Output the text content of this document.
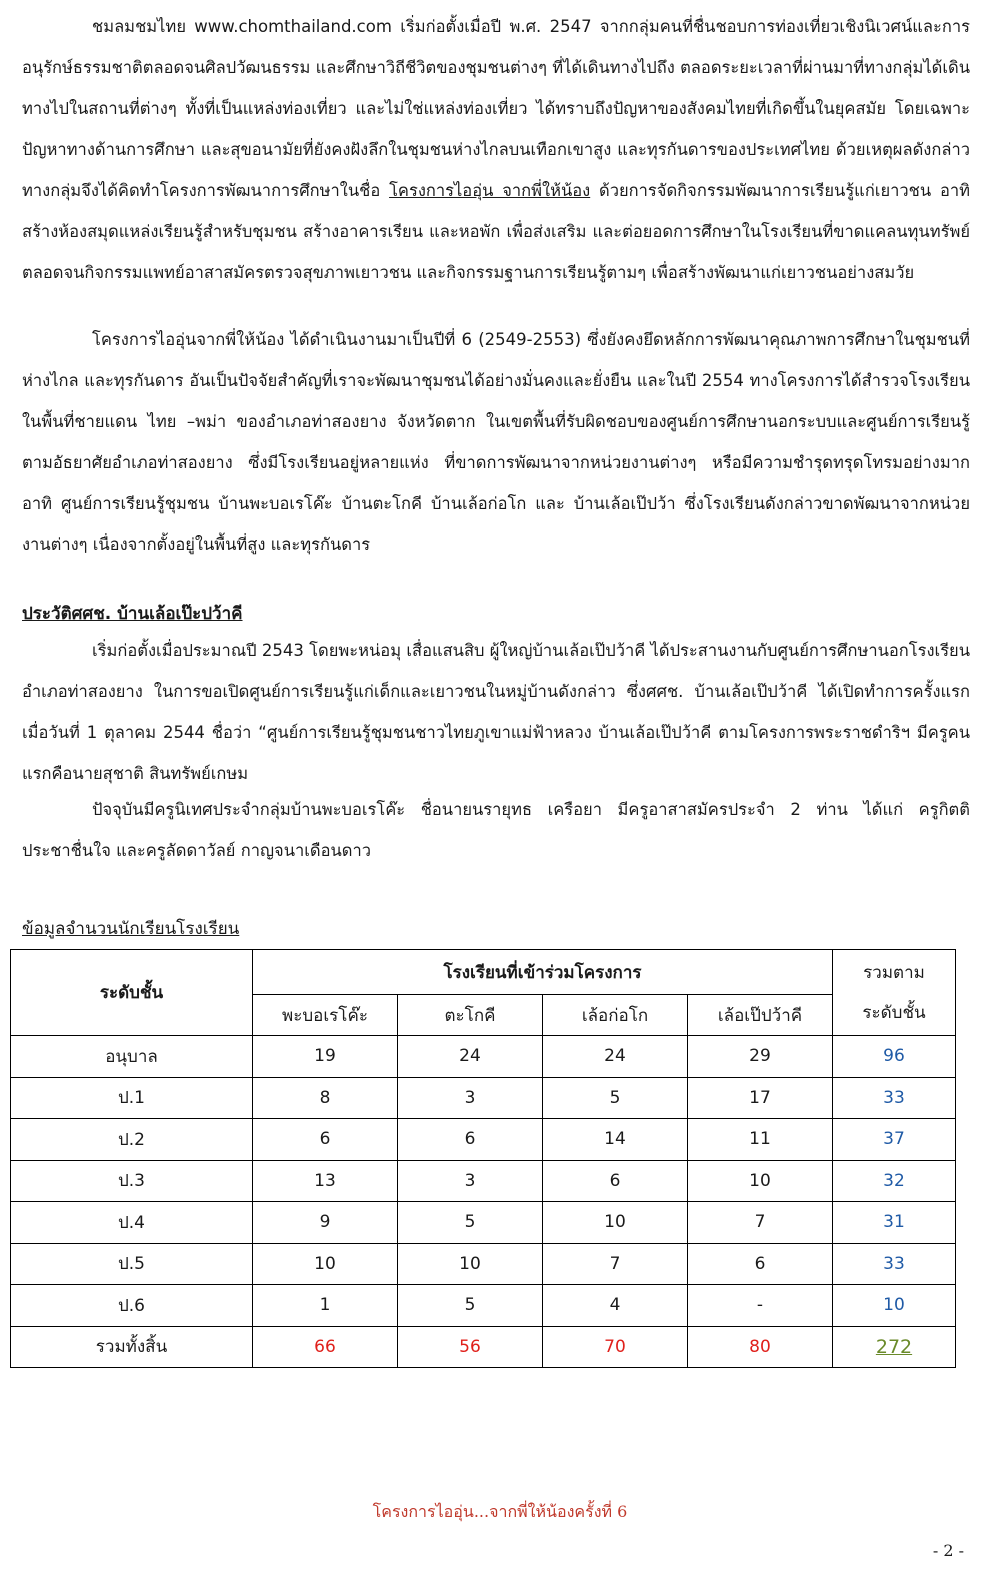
ชมลมชมไทย www.chomthailand.com เริ่มก่อตั้งเมื่อปี พ.ศ. 2547 จากกลุ่มคนที่ชื่นชอบการท่องเที่ยวเชิงนิเวศน์และการอนุรักษ์ธรรมชาติตลอดจนศิลปวัฒนธรรม และศึกษาวิถีชีวิตของชุมชนต่างๆ ที่ได้เดินทางไปถึง ตลอดระยะเวลาที่ผ่านมาที่ทางกลุ่มได้เดินทางไปในสถานที่ต่างๆ ทั้งที่เป็นแหล่งท่องเที่ยว และไม่ใช่แหล่งท่องเที่ยว ได้ทราบถึงปัญหาของสังคมไทยที่เกิดขึ้นในยุคสมัย โดยเฉพาะปัญหาทางด้านการศึกษา และสุขอนามัยที่ยังคงฝังลึกในชุมชนห่างไกลบนเทือกเขาสูง และทุรกันดารของประเทศไทย ด้วยเหตุผลดังกล่าวทางกลุ่มจึงได้คิดทำโครงการพัฒนาการศึกษาในชื่อ โครงการไออุ่น จากพี่ให้น้อง ด้วยการจัดกิจกรรมพัฒนาการเรียนรู้แก่เยาวชน อาทิ สร้างห้องสมุดแหล่งเรียนรู้สำหรับชุมชน สร้างอาคารเรียน และหอพัก เพื่อส่งเสริม และต่อยอดการศึกษาในโรงเรียนที่ขาดแคลนทุนทรัพย์ ตลอดจนกิจกรรมแพทย์อาสาสมัครตรวจสุขภาพเยาวชน และกิจกรรมฐานการเรียนรู้ตามๆ เพื่อสร้างพัฒนาแก่เยาวชนอย่างสมวัย

โครงการไออุ่นจากพี่ให้น้อง ได้ดำเนินงานมาเป็นปีที่ 6 (2549-2553) ซึ่งยังคงยึดหลักการพัฒนาคุณภาพการศึกษาในชุมชนที่ห่างไกล และทุรกันดาร อันเป็นปัจจัยสำคัญที่เราจะพัฒนาชุมชนได้อย่างมั่นคงและยั่งยืน และในปี 2554 ทางโครงการได้สำรวจโรงเรียนในพื้นที่ชายแดน ไทย –พม่า ของอำเภอท่าสองยาง จังหวัดตาก ในเขตพื้นที่รับผิดชอบของศูนย์การศึกษานอกระบบและศูนย์การเรียนรู้ตามอัธยาศัยอำเภอท่าสองยาง ซึ่งมีโรงเรียนอยู่หลายแห่ง ที่ขาดการพัฒนาจากหน่วยงานต่างๆ หรือมีความชำรุดทรุดโทรมอย่างมาก อาทิ ศูนย์การเรียนรู้ชุมชน บ้านพะบอเรโค๊ะ บ้านตะโกคี บ้านเล้อก่อโก และ บ้านเล้อเป๊ปว้า ซึ่งโรงเรียนดังกล่าวขาดพัฒนาจากหน่วยงานต่างๆ เนื่องจากตั้งอยู่ในพื้นที่สูง และทุรกันดาร

ประวัติศศช. บ้านเล้อเป๊ะปว้าคี

เริ่มก่อตั้งเมื่อประมาณปี 2543 โดยพะหน่อมุ เสื่อแสนสิบ ผู้ใหญ่บ้านเล้อเป๊ปว้าคี ได้ประสานงานกับศูนย์การศึกษานอกโรงเรียน อำเภอท่าสองยาง ในการขอเปิดศูนย์การเรียนรู้แก่เด็กและเยาวชนในหมู่บ้านดังกล่าว ซึ่งศศช. บ้านเล้อเป๊ปว้าคี ได้เปิดทำการครั้งแรก เมื่อวันที่ 1 ตุลาคม 2544 ชื่อว่า “ศูนย์การเรียนรู้ชุมชนชาวไทยภูเขาแม่ฟ้าหลวง บ้านเล้อเป๊ปว้าคี ตามโครงการพระราชดำริฯ มีครูคนแรกคือนายสุชาติ สินทรัพย์เกษม

ปัจจุบันมีครูนิเทศประจำกลุ่มบ้านพะบอเรโค๊ะ ชื่อนายนรายุทธ เครือยา มีครูอาสาสมัครประจำ 2 ท่าน ได้แก่ ครูกิตติ ประชาชื่นใจ และครูลัดดาวัลย์ กาญจนาเดือนดาว

ข้อมูลจำนวนนักเรียนโรงเรียน

ระดับชั้น	โรงเรียนที่เข้าร่วมโครงการ				รวมตาม ระดับชั้น
	พะบอเรโค๊ะ	ตะโกคี	เล้อก่อโก	เล้อเป๊ปว้าคี	
อนุบาล	19	24	24	29	96
ป.1	8	3	5	17	33
ป.2	6	6	14	11	37
ป.3	13	3	6	10	32
ป.4	9	5	10	7	31
ป.5	10	10	7	6	33
ป.6	1	5	4	-	10
รวมทั้งสิ้น	66	56	70	80	272

โครงการไออุ่น...จากพี่ให้น้องครั้งที่ 6

- 2 -
